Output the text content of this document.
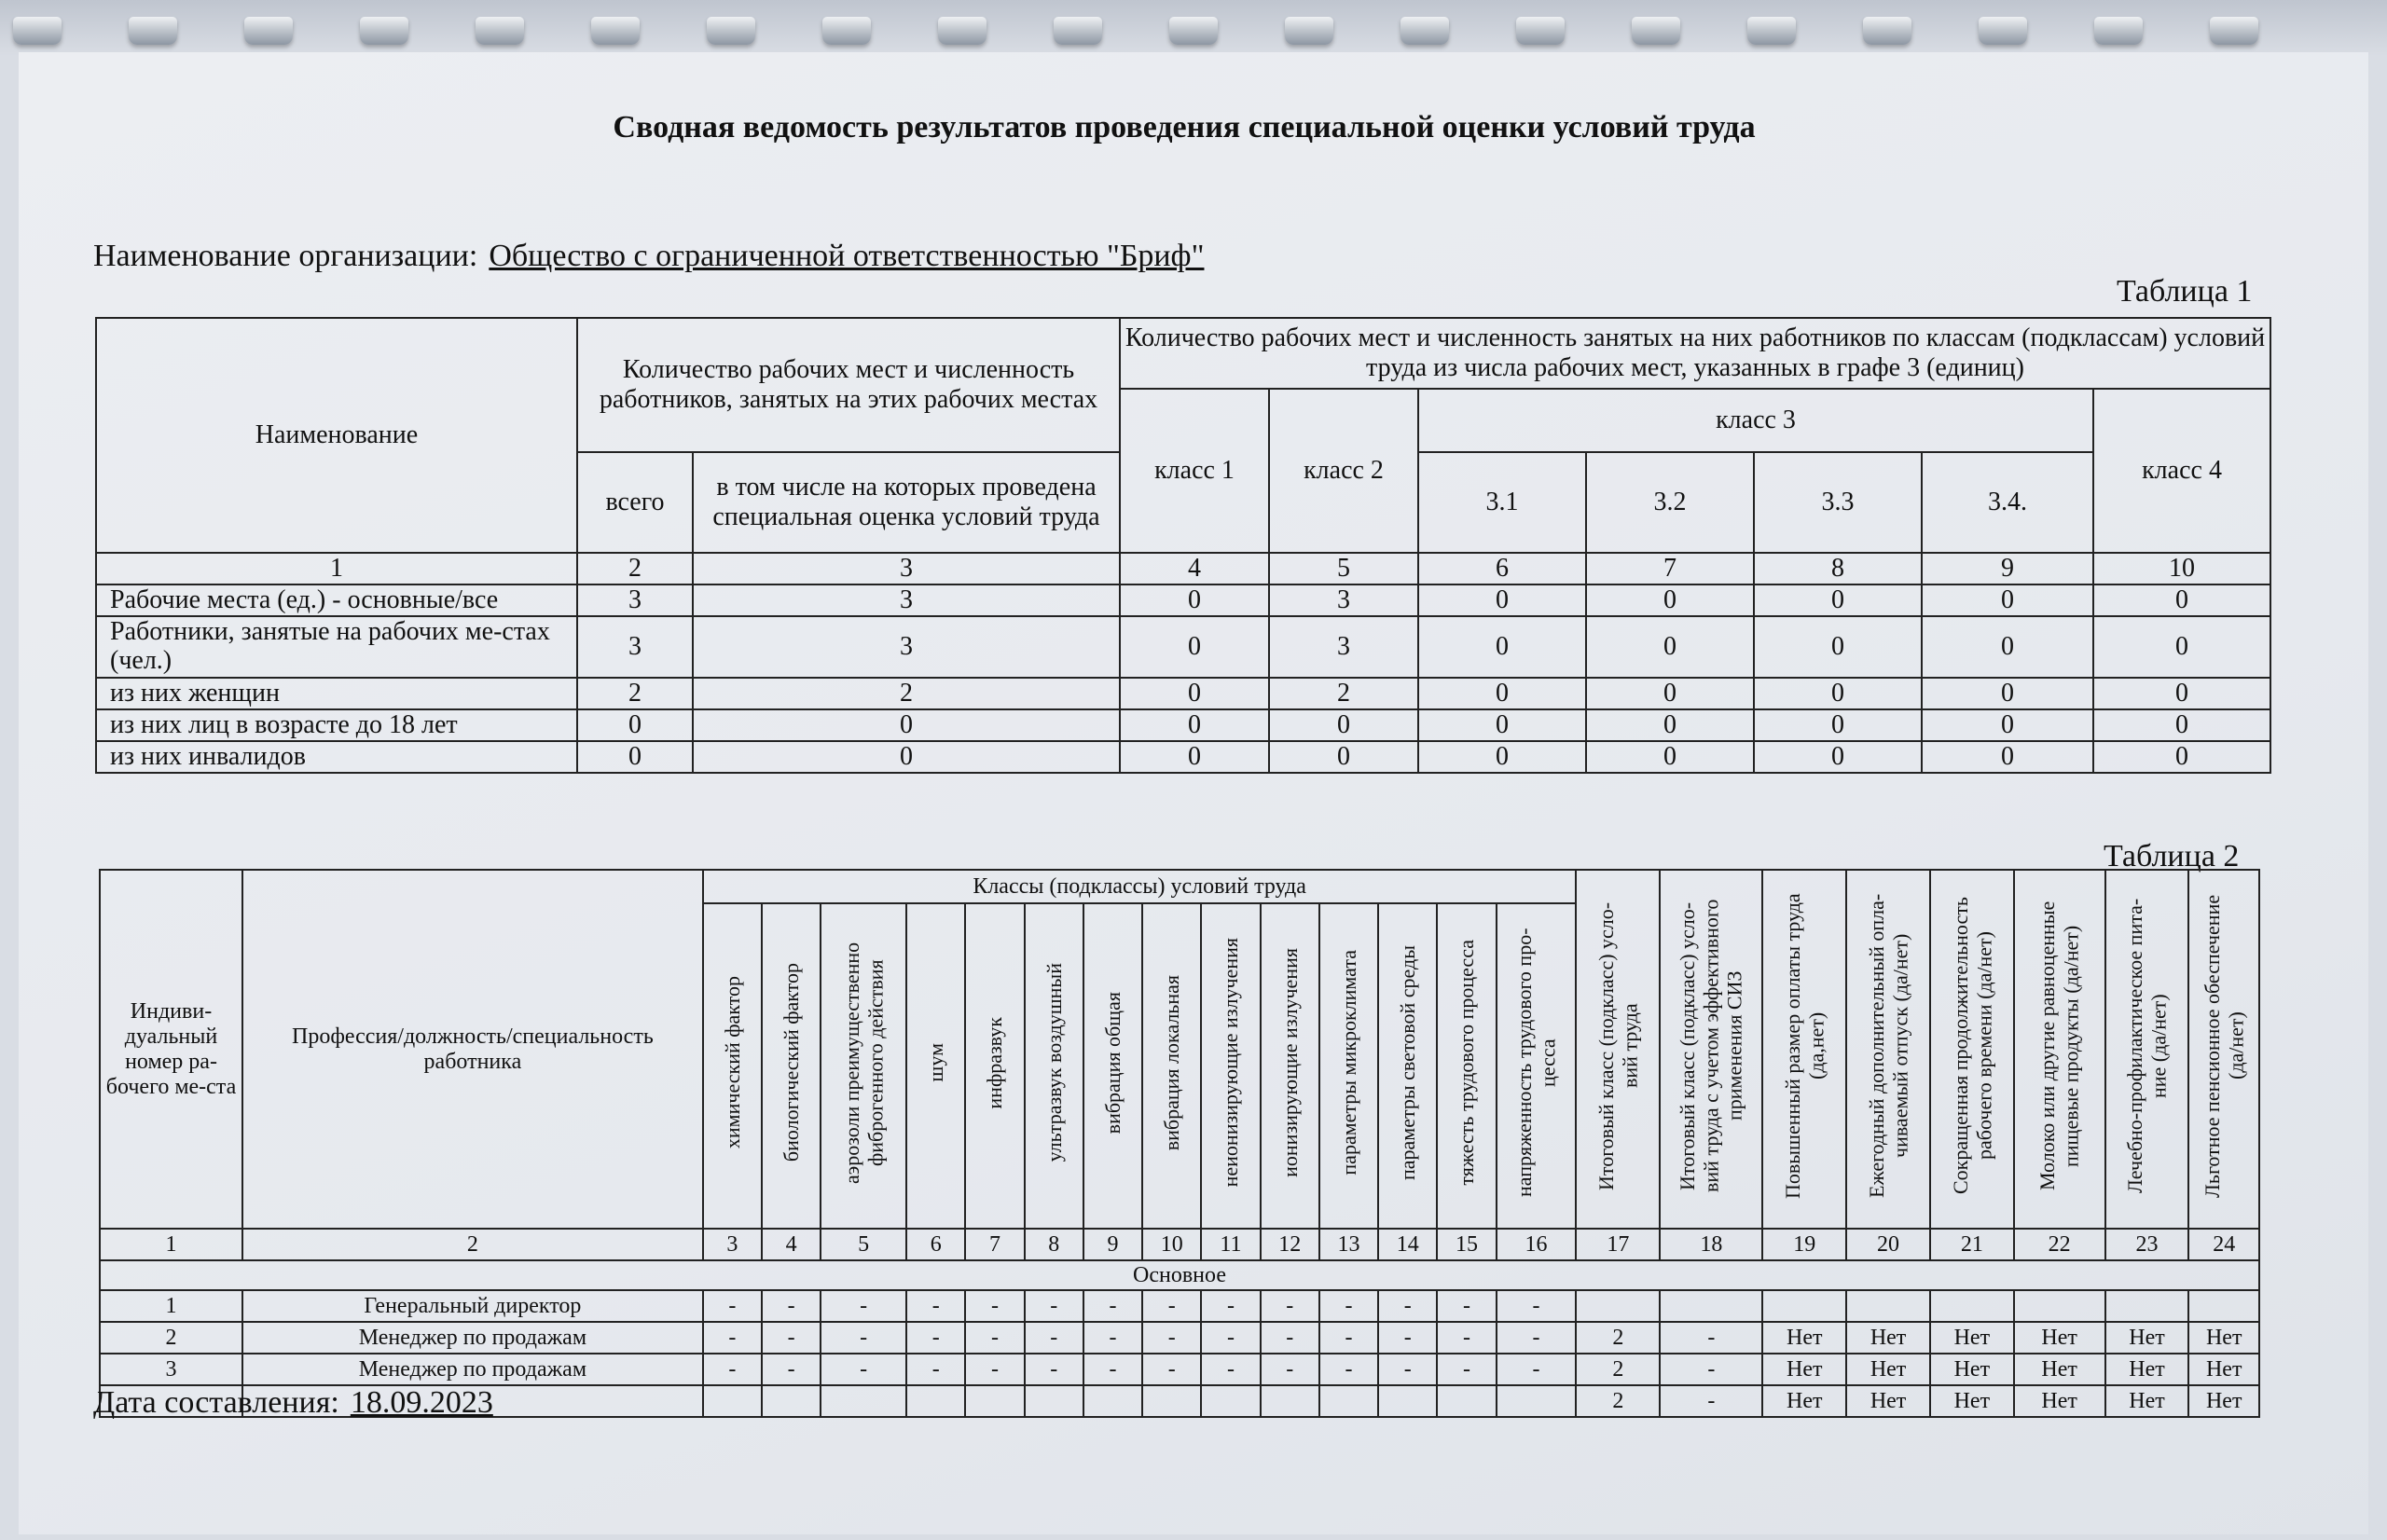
Сводная ведомость результатов проведения специальной оценки условий труда
Наименование организации: Общество с ограниченной ответственностью "Бриф"
Таблица 1
Наименование	Количество рабочих мест и численность работников, занятых на этих рабочих местах		Количество рабочих мест и численность занятых на них работников по классам (подклассам) условий труда из числа рабочих мест, указанных в графе 3 (единиц)						
			класс 1	класс 2	класс 3				класс 4
	всего	в том числе на которых проведена специальная оценка условий труда			3.1	3.2	3.3	3.4.	
1	2	3	4	5	6	7	8	9	10
Рабочие места (ед.) - основные/все	3	3	0	3	0	0	0	0	0
Работники, занятые на рабочих ме-стах (чел.)	3	3	0	3	0	0	0	0	0
из них женщин	2	2	0	2	0	0	0	0	0
из них лиц в возрасте до 18 лет	0	0	0	0	0	0	0	0	0
из них инвалидов	0	0	0	0	0	0	0	0	0
Таблица 2
Индиви-дуальный номер ра-бочего ме-ста	Профессия/должность/специальность работника	Классы (подклассы) условий труда														Итоговый класс (подкласс) усло-вий труда	Итоговый класс (подкласс) усло-вий труда с учетом эффективного применения СИЗ	Повышенный размер оплаты труда (да,нет)	Ежегодный дополнительный опла-чиваемый отпуск (да/нет)	Сокращенная продолжительность рабочего времени (да/нет)	Молоко или другие равноценные пищевые продукты (да/нет)	Лечебно-профилактическое пита-ние (да/нет)	Льготное пенсионное обеспечение (да/нет)
		химический фактор	биологический фактор	аэрозоли преимущественно фиброгенного действия	шум	инфразвук	ультразвук воздушный	вибрация общая	вибрация локальная	неионизирующие излучения	ионизирующие излучения	параметры микроклимата	параметры световой среды	тяжесть трудового процесса	напряженность трудового про-цесса								
1	2	3	4	5	6	7	8	9	10	11	12	13	14	15	16	17	18	19	20	21	22	23	24
Основное																							
1	Генеральный директор	-	-	-	-	-	-	-	-	-	-	-	-	-	-								
2	Менеджер по продажам	-	-	-	-	-	-	-	-	-	-	-	-	-	-	2	-	Нет	Нет	Нет	Нет	Нет	Нет
3	Менеджер по продажам	-	-	-	-	-	-	-	-	-	-	-	-	-	-	2	-	Нет	Нет	Нет	Нет	Нет	Нет
																2	-	Нет	Нет	Нет	Нет	Нет	Нет
Дата составления: 18.09.2023
